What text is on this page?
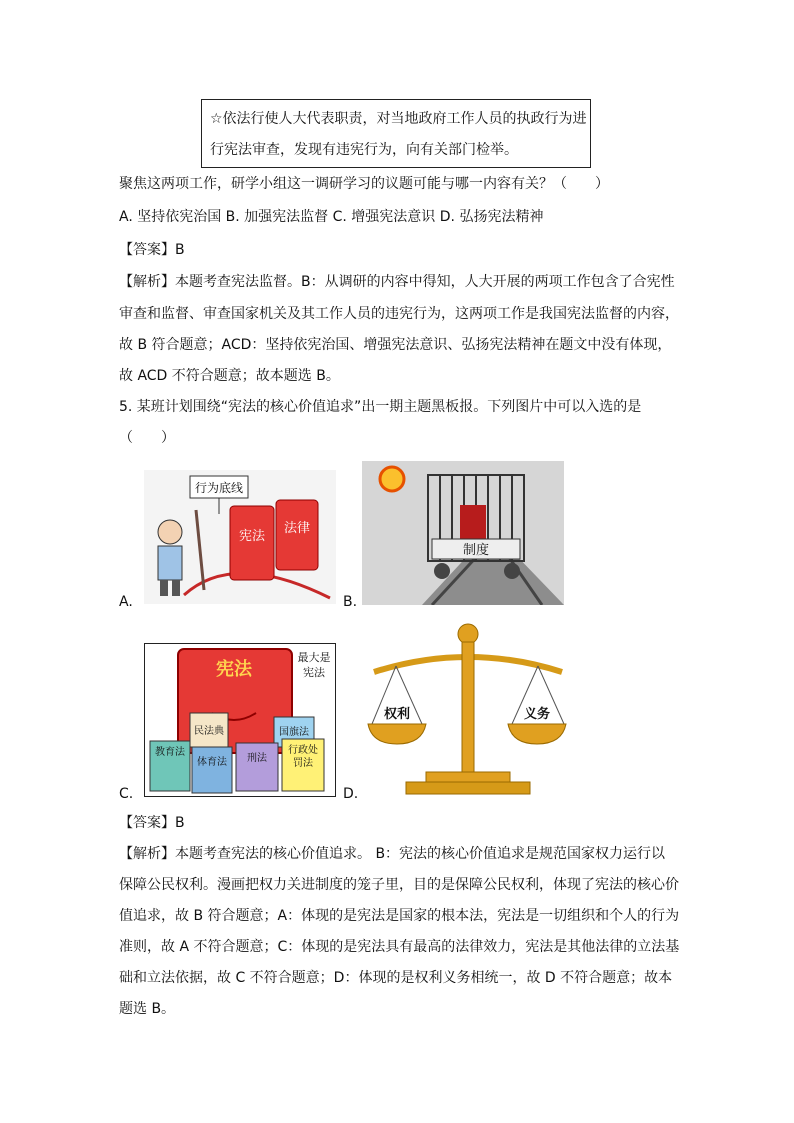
☆依法行使人大代表职责，对当地政府工作人员的执政行为进
行宪法审查，发现有违宪行为，向有关部门检举。
聚焦这两项工作，研学小组这一调研学习的议题可能与哪一内容有关？（　　）
A. 坚持依宪治国 B. 加强宪法监督 C. 增强宪法意识 D. 弘扬宪法精神
【答案】B
【解析】本题考查宪法监督。B：从调研的内容中得知，人大开展的两项工作包含了合宪性
审查和监督、审查国家机关及其工作人员的违宪行为，这两项工作是我国宪法监督的内容，
故 B 符合题意；ACD：坚持依宪治国、增强宪法意识、弘扬宪法精神在题文中没有体现，
故 ACD 不符合题意；故本题选 B。
5. 某班计划围绕“宪法的核心价值追求”出一期主题黑板报。下列图片中可以入选的是
（　　）
A.	B.
C.	D.
行为底线
宪法
法律
制度
宪法
最大是
宪法
民法典	国旗法
教育法
体育法 刑法
行政处
罚法
权利	义务
【答案】B
【解析】本题考查宪法的核心价值追求。 B：宪法的核心价值追求是规范国家权力运行以
保障公民权利。漫画把权力关进制度的笼子里，目的是保障公民权利，体现了宪法的核心价
值追求，故 B 符合题意；A：体现的是宪法是国家的根本法，宪法是一切组织和个人的行为
准则，故 A 不符合题意；C：体现的是宪法具有最高的法律效力，宪法是其他法律的立法基
础和立法依据，故 C 不符合题意；D：体现的是权利义务相统一，故 D 不符合题意；故本
题选 B。
